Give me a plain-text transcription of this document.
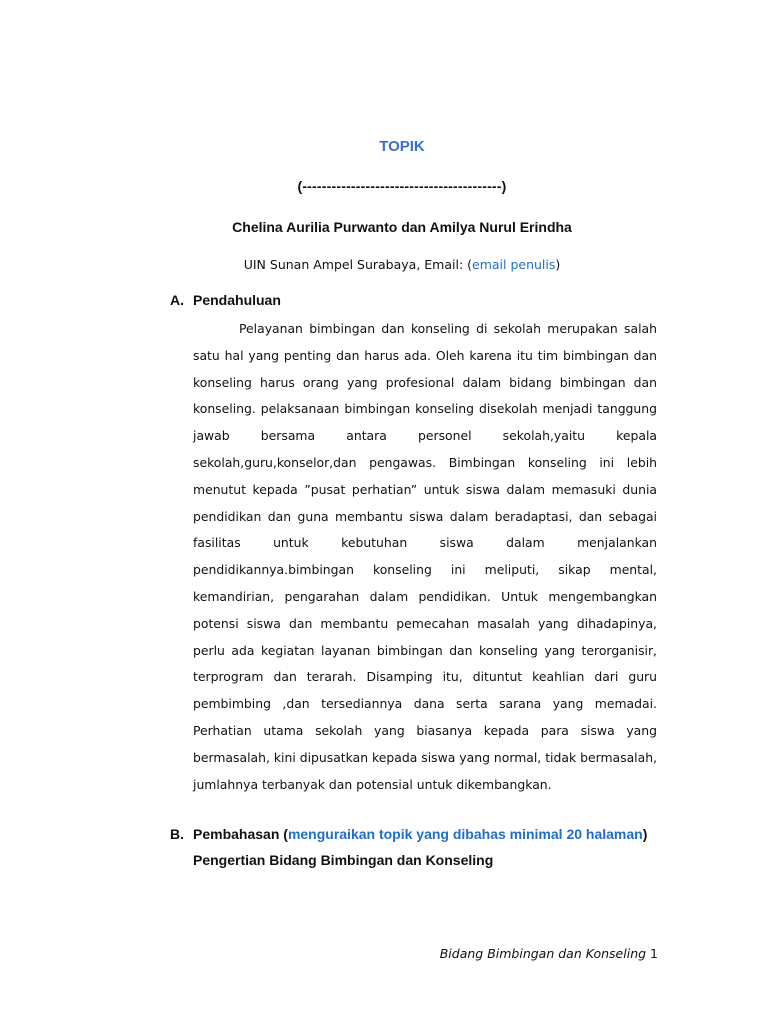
TOPIK
(-----------------------------------------)
Chelina Aurilia Purwanto dan Amilya Nurul Erindha
UIN Sunan Ampel Surabaya, Email: (email penulis)
A. Pendahuluan

Pelayanan bimbingan dan konseling di sekolah merupakan salah satu hal yang penting dan harus ada. Oleh karena itu tim bimbingan dan konseling harus orang yang profesional dalam bidang bimbingan dan konseling. pelaksanaan bimbingan konseling disekolah menjadi tanggung jawab bersama antara personel sekolah,yaitu kepala sekolah,guru,konselor,dan pengawas. Bimbingan konseling ini lebih menutut kepada ”pusat perhatian” untuk siswa dalam memasuki dunia pendidikan dan guna membantu siswa dalam beradaptasi, dan sebagai fasilitas untuk kebutuhan siswa dalam menjalankan pendidikannya.bimbingan konseling ini meliputi, sikap mental, kemandirian, pengarahan dalam pendidikan. Untuk mengembangkan potensi siswa dan membantu pemecahan masalah yang dihadapinya, perlu ada kegiatan layanan bimbingan dan konseling yang terorganisir, terprogram dan terarah. Disamping itu, dituntut keahlian dari guru pembimbing ,dan tersediannya dana serta sarana yang memadai. Perhatian utama sekolah yang biasanya kepada para siswa yang bermasalah, kini dipusatkan kepada siswa yang normal, tidak bermasalah, jumlahnya terbanyak dan potensial untuk dikembangkan.

B. Pembahasan (menguraikan topik yang dibahas minimal 20 halaman)
Pengertian Bidang Bimbingan dan Konseling
Bidang Bimbingan dan Konseling 1
